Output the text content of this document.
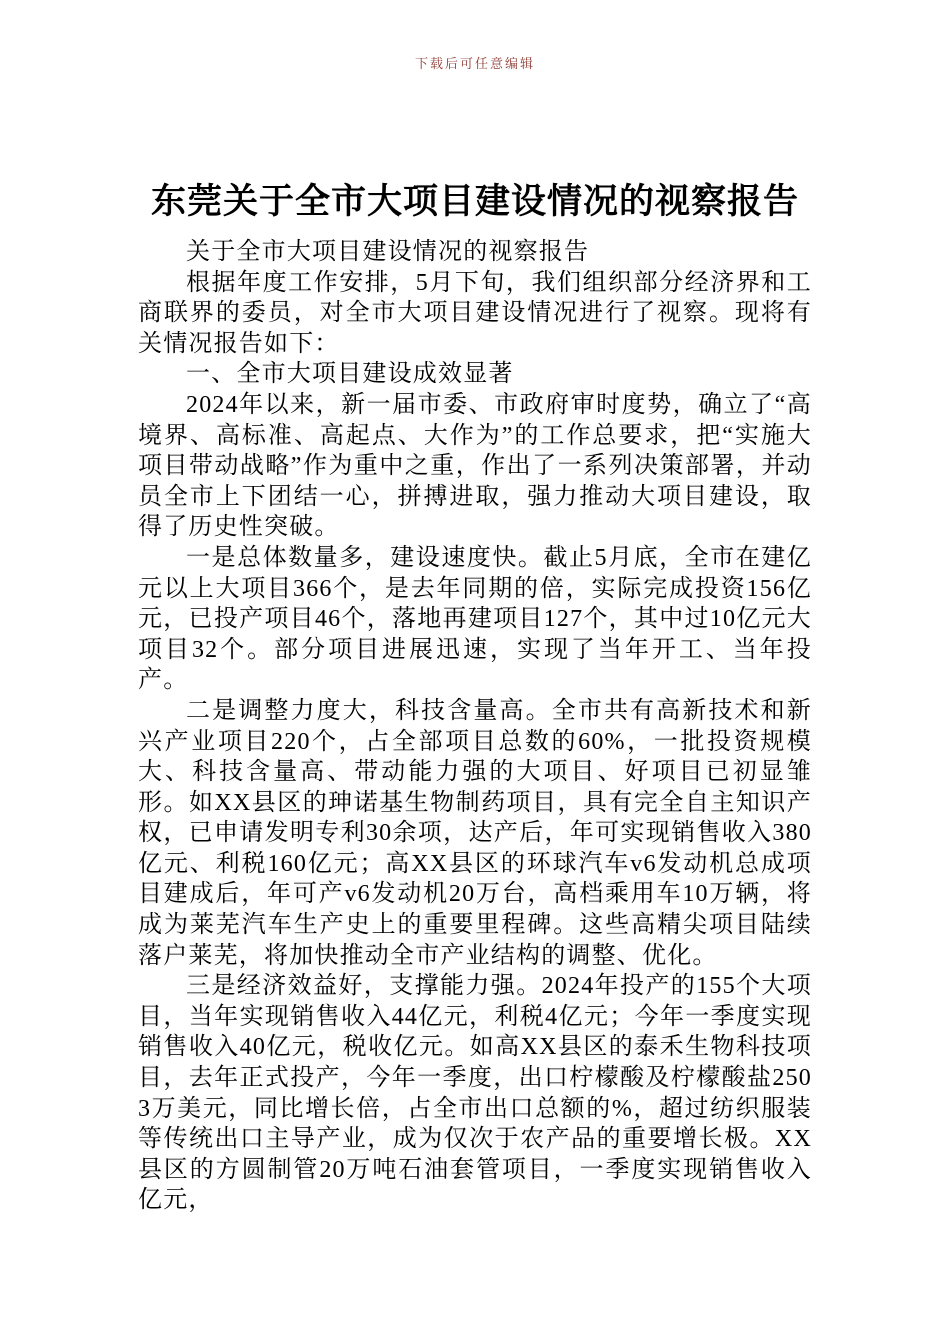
下载后可任意编辑
东莞关于全市大项目建设情况的视察报告

关于全市大项目建设情况的视察报告

根据年度工作安排，5月下旬，我们组织部分经济界和工商联界的委员，对全市大项目建设情况进行了视察。现将有关情况报告如下：

一、全市大项目建设成效显著

2024年以来，新一届市委、市政府审时度势，确立了“高境界、高标准、高起点、大作为”的工作总要求，把“实施大项目带动战略”作为重中之重，作出了一系列决策部署，并动员全市上下团结一心，拼搏进取，强力推动大项目建设，取得了历史性突破。

一是总体数量多，建设速度快。截止5月底，全市在建亿元以上大项目366个，是去年同期的倍，实际完成投资156亿元，已投产项目46个，落地再建项目127个，其中过10亿元大项目32个。部分项目进展迅速，实现了当年开工、当年投产。

二是调整力度大，科技含量高。全市共有高新技术和新兴产业项目220个，占全部项目总数的60%，一批投资规模大、科技含量高、带动能力强的大项目、好项目已初显雏形。如XX县区的珅诺基生物制药项目，具有完全自主知识产权，已申请发明专利30余项，达产后，年可实现销售收入380亿元、利税160亿元；高XX县区的环球汽车v6发动机总成项目建成后，年可产v6发动机20万台，高档乘用车10万辆，将成为莱芜汽车生产史上的重要里程碑。这些高精尖项目陆续落户莱芜，将加快推动全市产业结构的调整、优化。

三是经济效益好，支撑能力强。2024年投产的155个大项目，当年实现销售收入44亿元，利税4亿元；今年一季度实现销售收入40亿元，税收亿元。如高XX县区的泰禾生物科技项目，去年正式投产，今年一季度，出口柠檬酸及柠檬酸盐2503万美元，同比增长倍，占全市出口总额的%，超过纺织服装等传统出口主导产业，成为仅次于农产品的重要增长极。XX县区的方圆制管20万吨石油套管项目，一季度实现销售收入亿元，
